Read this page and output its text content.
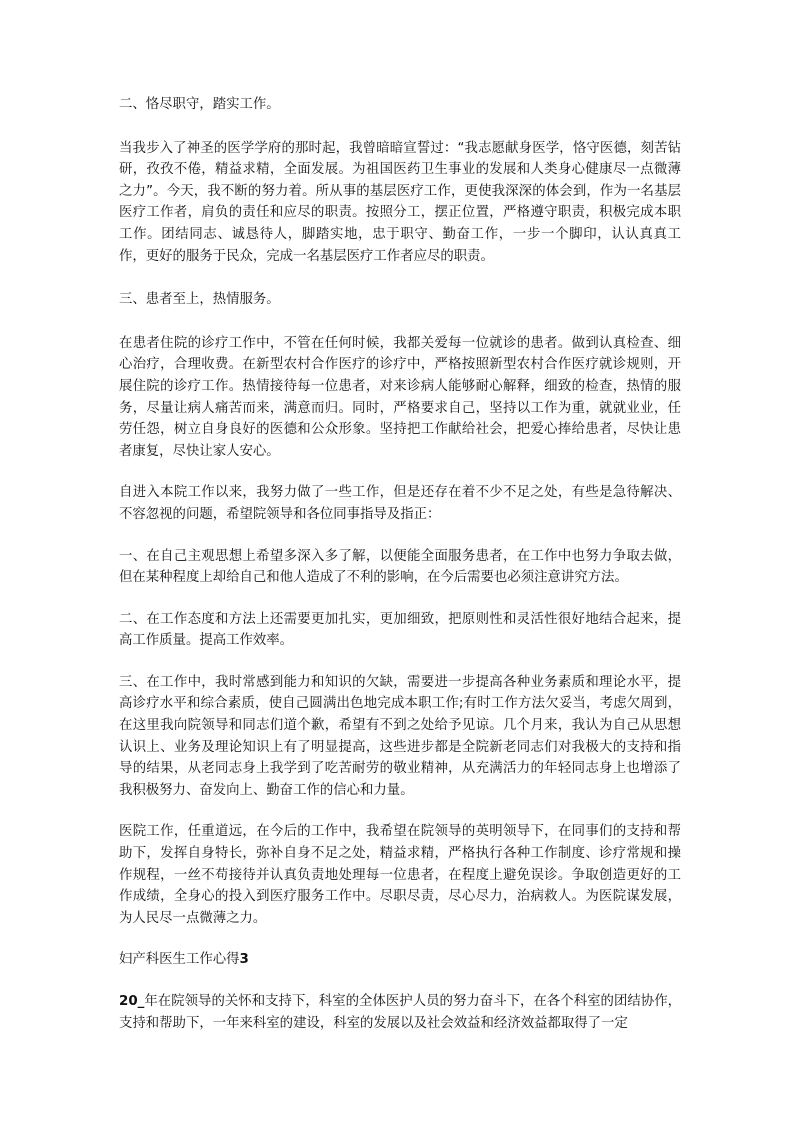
二、恪尽职守，踏实工作。

当我步入了神圣的医学学府的那时起，我曾暗暗宣誓过：“我志愿献身医学，恪守医德，刻苦钻研，孜孜不倦，精益求精，全面发展。为祖国医药卫生事业的发展和人类身心健康尽一点微薄之力”。今天，我不断的努力着。所从事的基层医疗工作，更使我深深的体会到，作为一名基层医疗工作者，肩负的责任和应尽的职责。按照分工，摆正位置，严格遵守职责，积极完成本职工作。团结同志、诚恳待人，脚踏实地，忠于职守、勤奋工作，一步一个脚印，认认真真工作，更好的服务于民众，完成一名基层医疗工作者应尽的职责。

三、患者至上，热情服务。

在患者住院的诊疗工作中，不管在任何时候，我都关爱每一位就诊的患者。做到认真检查、细心治疗，合理收费。在新型农村合作医疗的诊疗中，严格按照新型农村合作医疗就诊规则，开展住院的诊疗工作。热情接待每一位患者，对来诊病人能够耐心解释，细致的检查，热情的服务，尽量让病人痛苦而来，满意而归。同时，严格要求自己，坚持以工作为重，就就业业，任劳任怨，树立自身良好的医德和公众形象。坚持把工作献给社会，把爱心捧给患者，尽快让患者康复，尽快让家人安心。

自进入本院工作以来，我努力做了一些工作，但是还存在着不少不足之处，有些是急待解决、不容忽视的问题，希望院领导和各位同事指导及指正：

一、在自己主观思想上希望多深入多了解，以便能全面服务患者，在工作中也努力争取去做，但在某种程度上却给自己和他人造成了不利的影响，在今后需要也必须注意讲究方法。

二、在工作态度和方法上还需要更加扎实，更加细致，把原则性和灵活性很好地结合起来，提高工作质量。提高工作效率。

三、在工作中，我时常感到能力和知识的欠缺，需要进一步提高各种业务素质和理论水平，提高诊疗水平和综合素质，使自己圆满出色地完成本职工作;有时工作方法欠妥当，考虑欠周到，在这里我向院领导和同志们道个歉，希望有不到之处给予见谅。几个月来，我认为自己从思想认识上、业务及理论知识上有了明显提高，这些进步都是全院新老同志们对我极大的支持和指导的结果，从老同志身上我学到了吃苦耐劳的敬业精神，从充满活力的年轻同志身上也增添了我积极努力、奋发向上、勤奋工作的信心和力量。

医院工作，任重道远，在今后的工作中，我希望在院领导的英明领导下，在同事们的支持和帮助下，发挥自身特长，弥补自身不足之处，精益求精，严格执行各种工作制度、诊疗常规和操作规程，一丝不苟接待并认真负责地处理每一位患者，在程度上避免误诊。争取创造更好的工作成绩，全身心的投入到医疗服务工作中。尽职尽责，尽心尽力，治病救人。为医院谋发展，为人民尽一点微薄之力。

妇产科医生工作心得3

20_年在院领导的关怀和支持下，科室的全体医护人员的努力奋斗下，在各个科室的团结协作，支持和帮助下，一年来科室的建设，科室的发展以及社会效益和经济效益都取得了一定
